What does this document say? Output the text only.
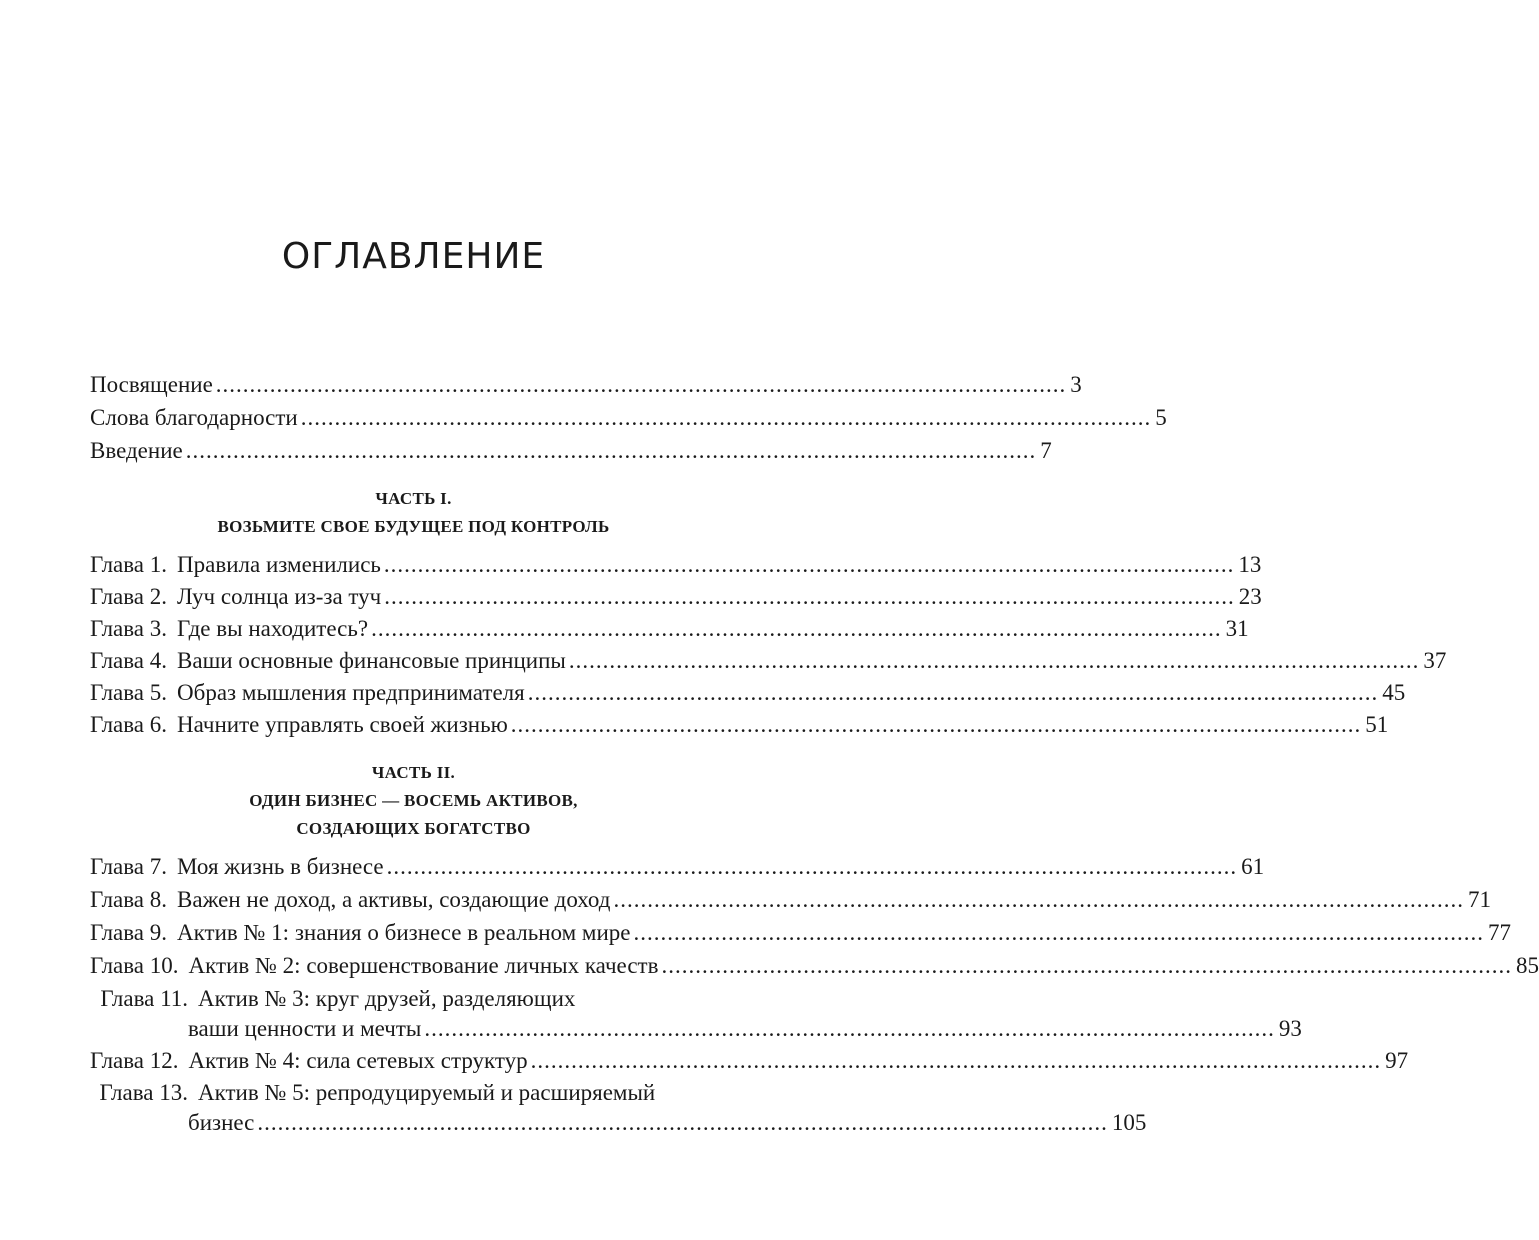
ОГЛАВЛЕНИЕ
Посвящение .............................................................................................................................. 3
Слова благодарности .............................................................................................................................. 5
Введение .............................................................................................................................. 7
ЧАСТЬ I.
ВОЗЬМИТЕ СВОЕ БУДУЩЕЕ ПОД КОНТРОЛЬ
Глава 1. Правила изменились .............................................................................................................................. 13
Глава 2. Луч солнца из-за туч .............................................................................................................................. 23
Глава 3. Где вы находитесь? .............................................................................................................................. 31
Глава 4. Ваши основные финансовые принципы .............................................................................................................................. 37
Глава 5. Образ мышления предпринимателя .............................................................................................................................. 45
Глава 6. Начните управлять своей жизнью .............................................................................................................................. 51
ЧАСТЬ II.
ОДИН БИЗНЕС — ВОСЕМЬ АКТИВОВ,
СОЗДАЮЩИХ БОГАТСТВО
Глава 7. Моя жизнь в бизнесе .............................................................................................................................. 61
Глава 8. Важен не доход, а активы, создающие доход .............................................................................................................................. 71
Глава 9. Актив № 1: знания о бизнесе в реальном мире .............................................................................................................................. 77
Глава 10. Актив № 2: совершенствование личных качеств .............................................................................................................................. 85
Глава 11. Актив № 3: круг друзей, разделяющих
ваши ценности и мечты .............................................................................................................................. 93
Глава 12. Актив № 4: сила сетевых структур .............................................................................................................................. 97
Глава 13. Актив № 5: репродуцируемый и расширяемый
бизнес .............................................................................................................................. 105
